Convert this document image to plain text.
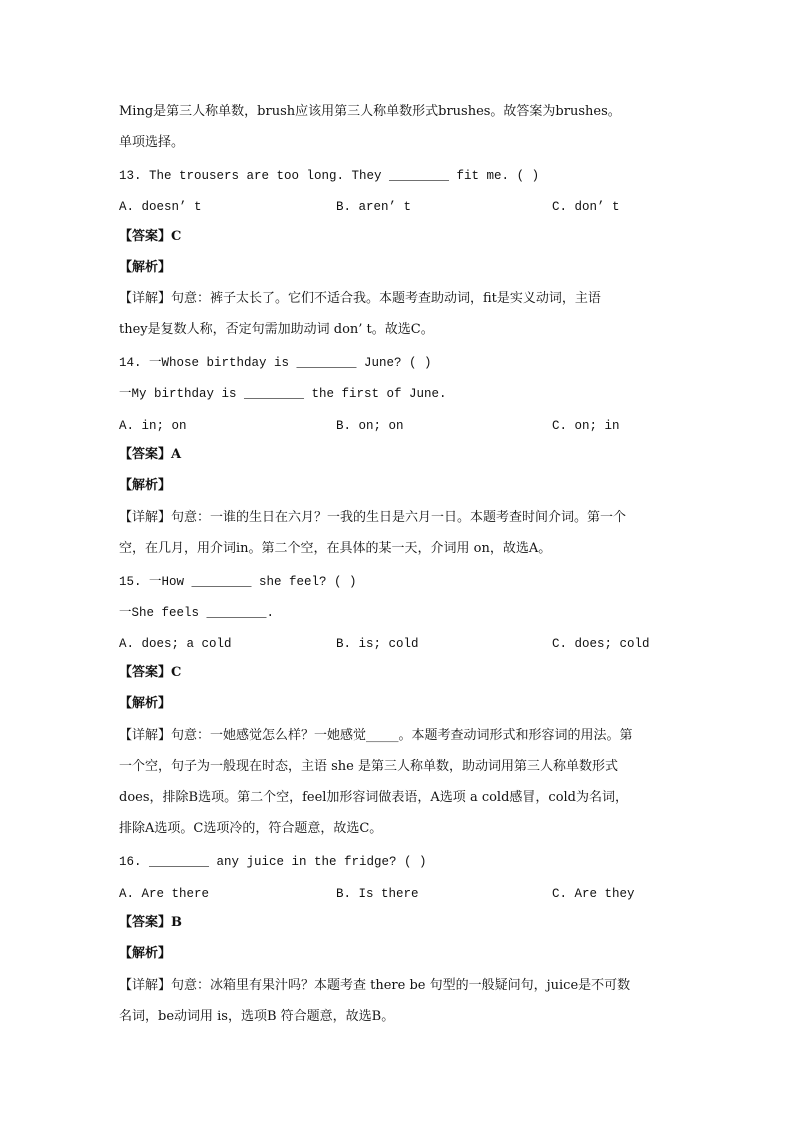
Ming是第三人称单数，brush应该用第三人称单数形式brushes。故答案为brushes。
单项选择。
13. The trousers are too long. They ________ fit me. ( )
A. doesn’ t	B. aren’ t	C. don’ t
【答案】C
【解析】
【详解】句意：裤子太长了。它们不适合我。本题考查助动词，fit是实义动词，主语
they是复数人称，否定句需加助动词 don’ t。故选C。
14. 一Whose birthday is ________ June? ( )
一My birthday is ________ the first of June.
A. in; on	B. on; on	C. on; in
【答案】A
【解析】
【详解】句意：一谁的生日在六月？一我的生日是六月一日。本题考查时间介词。第一个
空，在几月，用介词in。第二个空，在具体的某一天，介词用 on，故选A。
15. 一How ________ she feel? ( )
一She feels ________.
A. does; a cold	B. is; cold	C. does; cold
【答案】C
【解析】
【详解】句意：一她感觉怎么样？一她感觉_____。本题考查动词形式和形容词的用法。第
一个空，句子为一般现在时态，主语 she 是第三人称单数，助动词用第三人称单数形式
does，排除B选项。第二个空，feel加形容词做表语，A选项 a cold感冒，cold为名词，
排除A选项。C选项冷的，符合题意，故选C。
16. ________ any juice in the fridge? ( )
A. Are there	B. Is there	C. Are they
【答案】B
【解析】
【详解】句意：冰箱里有果汁吗？本题考查 there be 句型的一般疑问句，juice是不可数
名词，be动词用 is，选项B 符合题意，故选B。
